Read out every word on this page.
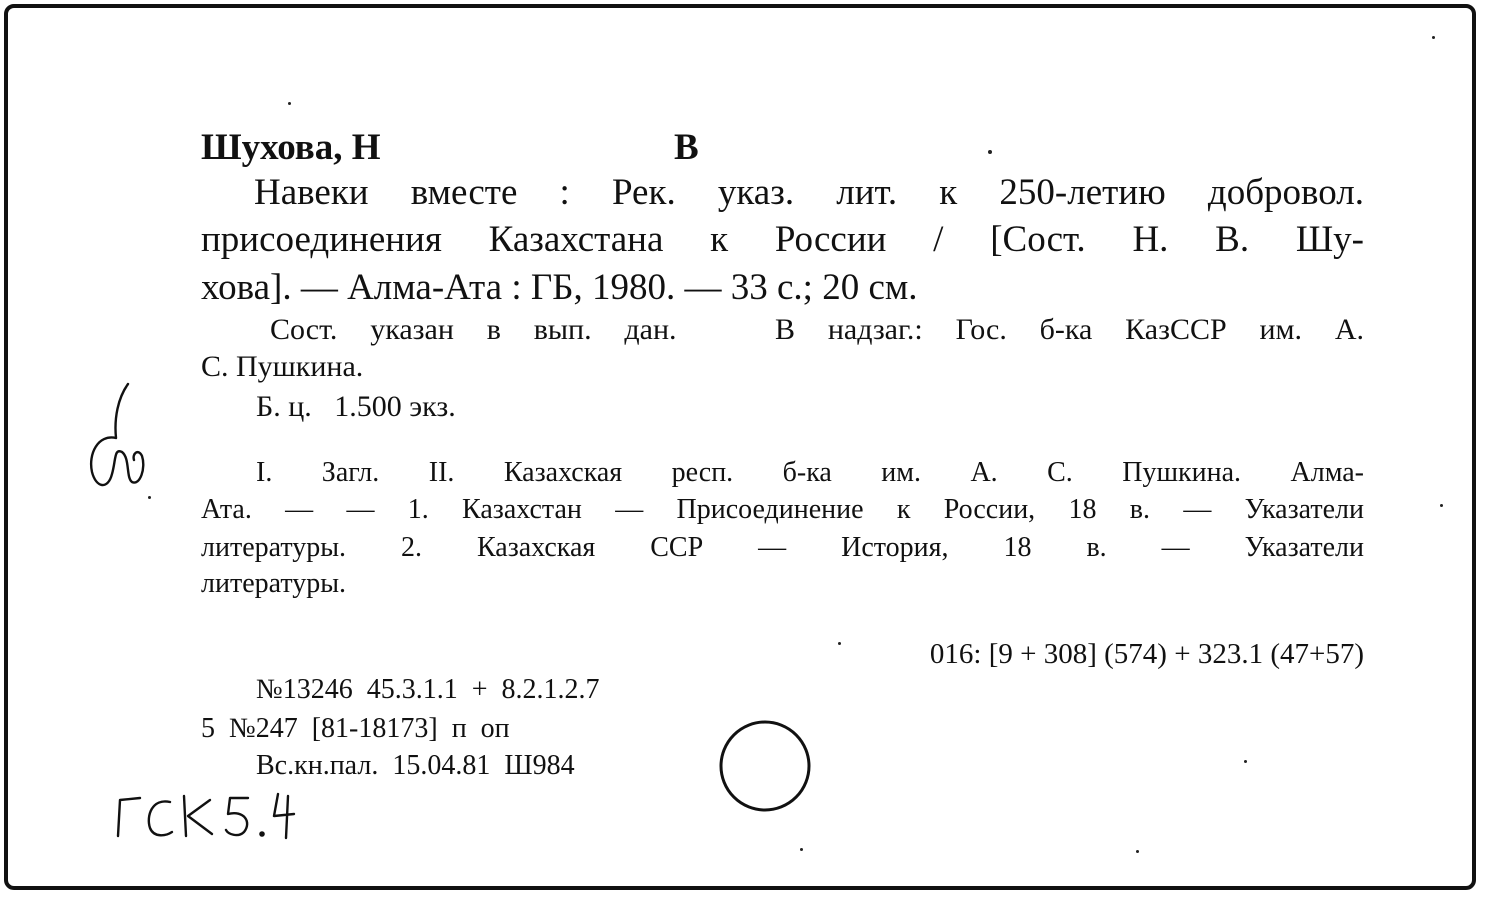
Шухова, Н	В
Навеки вместе : Рек. указ. лит. к 250-летию добровол.
присоединения Казахстана к России / [Сост. Н. В. Шу-
хова]. — Алма-Ата : ГБ, 1980. — 33 с.; 20 см.
Сост. указан в вып. дан.   В надзаг.: Гос. б-ка КазССР им. А.
С. Пушкина.
Б. ц.   1.500 экз.
I. Загл. II. Казахская респ. б-ка им. А. С. Пушкина. Алма-
Ата. — — 1. Казахстан — Присоединение к России, 18 в. — Указатели
литературы. 2. Казахская ССР — История, 18 в. — Указатели
литературы.
016: [9 + 308] (574) + 323.1 (47+57)
№13246  45.3.1.1  +  8.2.1.2.7
5  №247  [81-18173]  п  оп
Вс.кн.пал.  15.04.81  Ш984
